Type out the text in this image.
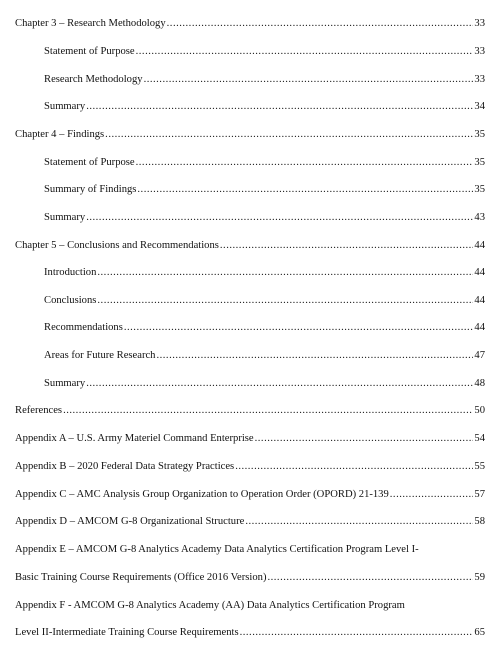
Chapter 3 – Research Methodology .....	33
Statement of Purpose .....	33
Research Methodology .....	33
Summary .....	34
Chapter 4 – Findings .....	35
Statement of Purpose .....	35
Summary of Findings .....	35
Summary .....	43
Chapter 5 – Conclusions and Recommendations .....	44
Introduction .....	44
Conclusions .....	44
Recommendations .....	44
Areas for Future Research .....	47
Summary .....	48
References .....	50
Appendix A – U.S. Army Materiel Command Enterprise .....	54
Appendix B – 2020 Federal Data Strategy Practices .....	55
Appendix C – AMC Analysis Group Organization to Operation Order (OPORD) 21-139 .....	57
Appendix D – AMCOM G-8 Organizational Structure .....	58
Appendix E – AMCOM G-8 Analytics Academy Data Analytics Certification Program Level I-
Basic Training Course Requirements (Office 2016 Version) .....	59
Appendix F - AMCOM G-8 Analytics Academy (AA) Data Analytics Certification Program
Level II-Intermediate Training Course Requirements .....	65
